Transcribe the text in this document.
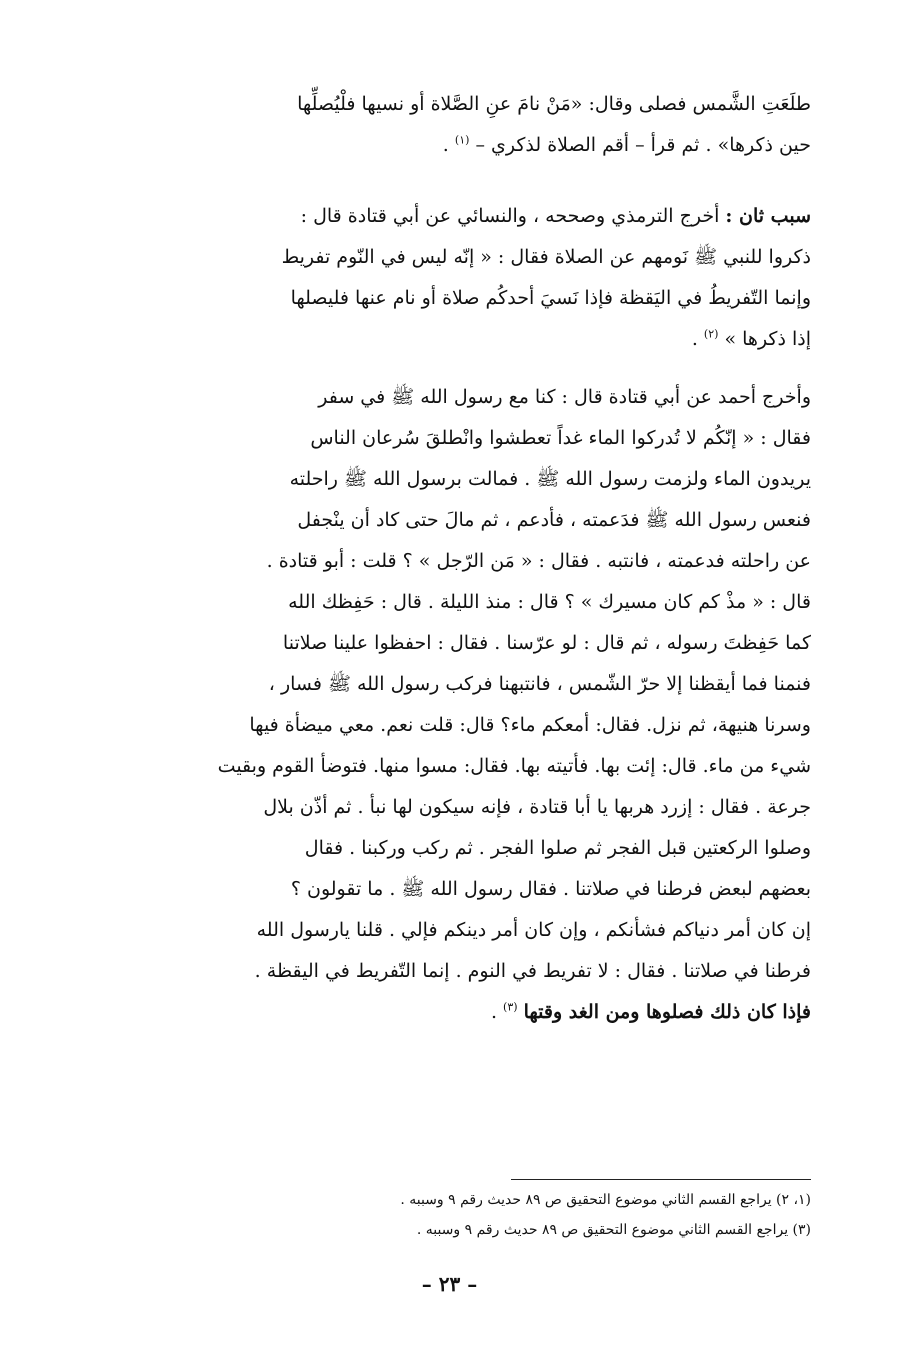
طلَعَتِ الشَّمس فصلى وقال: «مَنْ نامَ عنِ الصَّلاة أو نسيها فلْيُصلِّها
حين ذكرها» . ثم قرأ – أقم الصلاة لذكري – $^{(١)}$ .
سبب ثان : أخرج الترمذي وصححه ، والنسائي عن أبي قتادة قال :
ذكروا للنبي ﷺ نَومهم عن الصلاة فقال : « إنّه ليس في النّوم تفريط
وإنما التّفريطُ في اليَقظة فإذا نَسيَ أحدكُم صلاة أو نام عنها فليصلها
إذا ذكرها » $^{(٢)}$ .
وأخرج أحمد عن أبي قتادة قال : كنا مع رسول الله ﷺ في سفر
فقال : « إنّكُم لا تُدركوا الماء غداً تعطشوا وانْطلقَ سُرعان الناس
يريدون الماء ولزمت رسول الله ﷺ . فمالت برسول الله ﷺ راحلته
فنعس رسول الله ﷺ فدَعمته ، فأدعم ، ثم مالَ حتى كاد أن ينْجفل
عن راحلته فدعمته ، فانتبه . فقال : « مَن الرّجل » ؟ قلت : أبو قتادة .
قال : « مذْ كم كان مسيرك » ؟ قال : منذ الليلة . قال : حَفِظك الله
كما حَفِظتَ رسوله ، ثم قال : لو عرّسنا . فقال : احفظوا علينا صلاتنا
فنمنا فما أيقظنا إلا حرّ الشّمس ، فانتبهنا فركب رسول الله ﷺ فسار ،
وسرنا هنيهة، ثم نزل. فقال: أمعكم ماء؟ قال: قلت نعم. معي ميضأة فيها
شيء من ماء. قال: إئت بها. فأتيته بها. فقال: مسوا منها. فتوضأ القوم وبقيت
جرعة . فقال : إزرد هربها يا أبا قتادة ، فإنه سيكون لها نبأ . ثم أذّن بلال
وصلوا الركعتين قبل الفجر ثم صلوا الفجر . ثم ركب وركبنا . فقال
بعضهم لبعض فرطنا في صلاتنا . فقال رسول الله ﷺ . ما تقولون ؟
إن كان أمر دنياكم فشأنكم ، وإن كان أمر دينكم فإلي . قلنا يارسول الله
فرطنا في صلاتنا . فقال : لا تفريط في النوم . إنما التّفريط في اليقظة .
فإذا كان ذلك فصلوها ومن الغد وقتها $^{(٣)}$ .
(١، ٢) يراجع القسم الثاني موضوع التحقيق ص ٨٩ حديث رقم ٩ وسببه .
(٣) يراجع القسم الثاني موضوع التحقيق ص ٨٩ حديث رقم ٩ وسببه .
– ٢٣ –
